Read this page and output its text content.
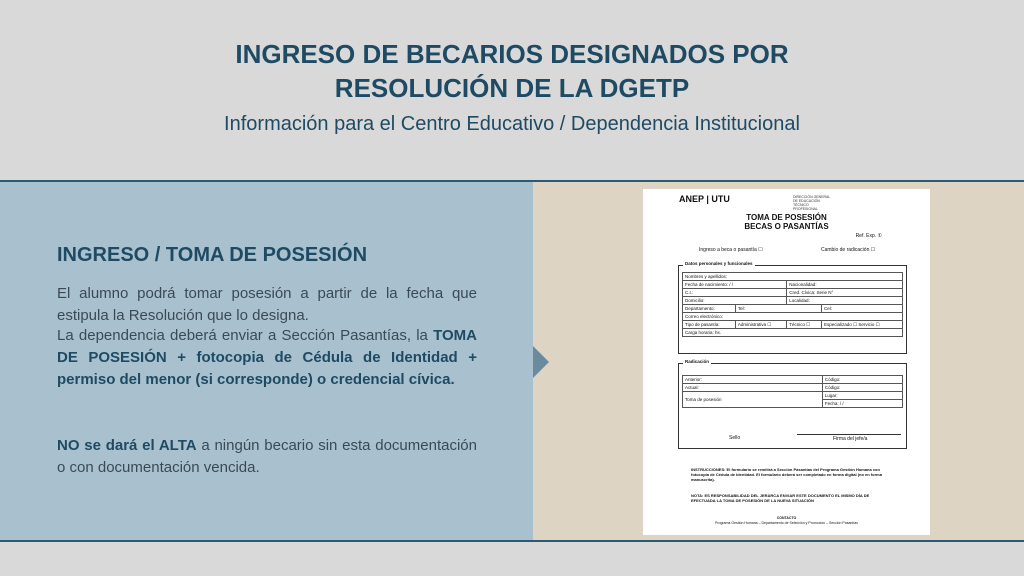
INGRESO DE BECARIOS DESIGNADOS POR
RESOLUCIÓN DE LA DGETP
Información para el Centro Educativo / Dependencia Institucional
INGRESO / TOMA DE POSESIÓN
El alumno podrá tomar posesión a partir de la fecha que estipula la Resolución que lo designa.
La dependencia deberá enviar a Sección Pasantías, la TOMA DE POSESIÓN + fotocopia de Cédula de Identidad + permiso del menor (si corresponde) o credencial cívica.
NO se dará el ALTA a ningún becario sin esta documentación o con documentación vencida.
ANEP | UTU	DIRECCIÓN GENERAL DE EDUCACIÓN TÉCNICO PROFESIONAL
TOMA DE POSESIÓN
BECAS O PASANTÍAS
Ref. Exp. ①
Ingreso a beca o pasantía ☐	Cambio de radicación ☐
Datos personales y funcionales
Nombres y apellidos:			
Fecha de nacimiento: / /		Nacionalidad:	
C.I.:		Cred. Cívica: Serie N°	
Domicilio:		Localidad:	
Departamento:	Tel:		Cel:
Correo electrónico:			
Tipo de pasantía:	Administrativa ☐	Técnico ☐	Especializado ☐ Servicio ☐
Carga horaria: hs.			
Radicación
Anterior:	Código:
Actual:	Código:
Toma de posesión	Lugar:
	Fecha: / /
Sello	Firma del jefe/a
INSTRUCCIONES: El formulario se remitirá a Sección Pasantías del Programa Gestión Humana con fotocopia de Cédula de Identidad. El formulario deberá ser completado en forma digital (no en forma manuscrita).
NOTA: ES RESPONSABILIDAD DEL JERARCA ENVIAR ESTE DOCUMENTO EL MISMO DÍA DE EFECTUADA LA TOMA DE POSESIÓN DE LA NUEVA SITUACIÓN
CONTACTO
Programa Gestión Humana – Departamento de Selección y Promoción – Sección Pasantías
